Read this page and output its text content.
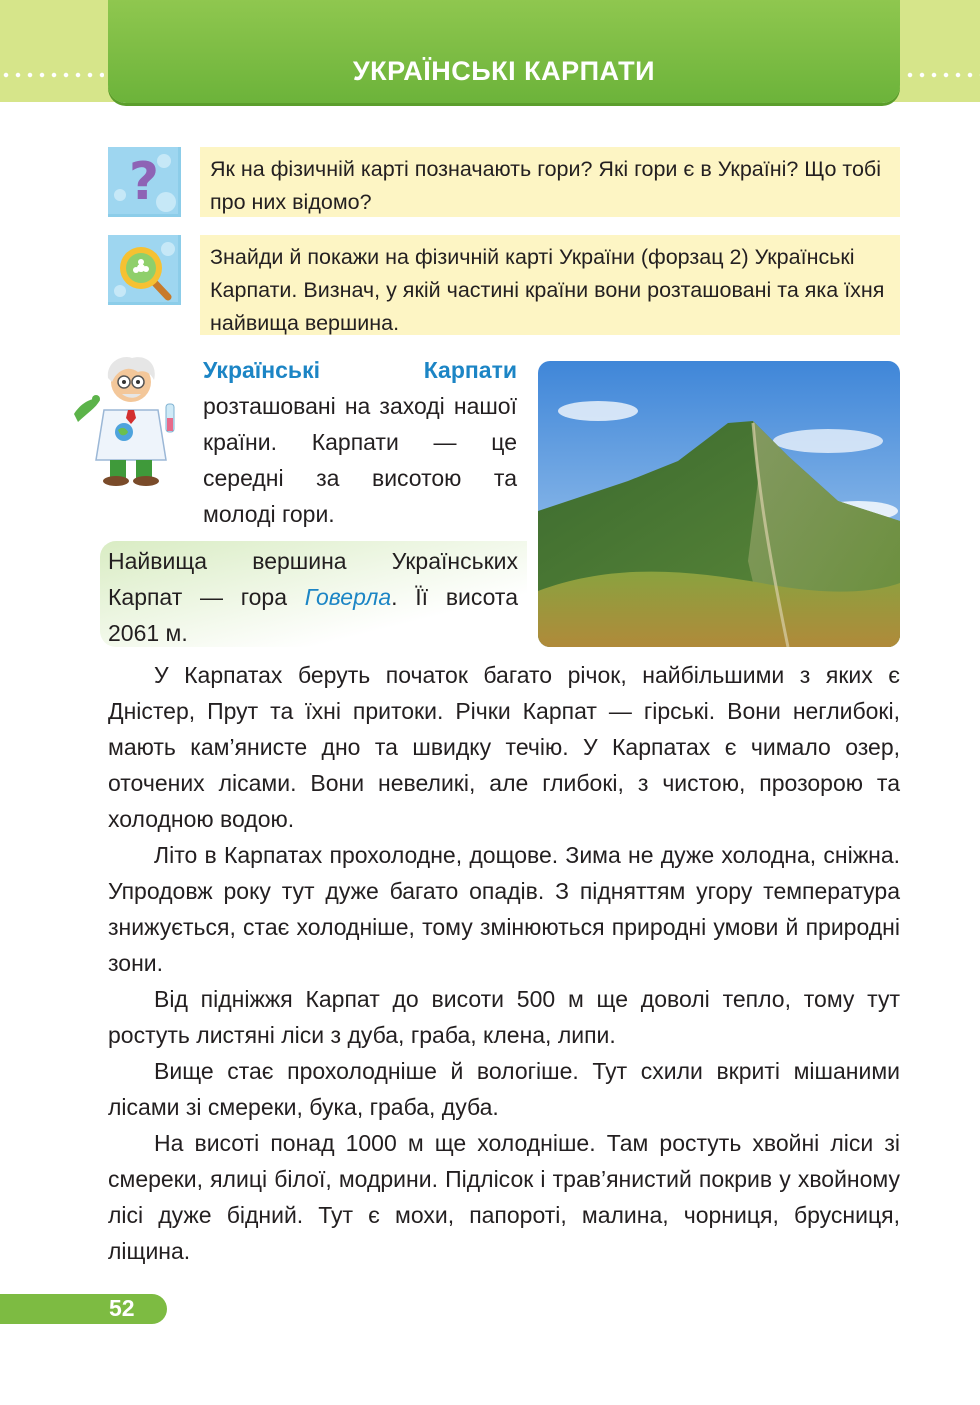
УКРАЇНСЬКІ КАРПАТИ
?	Як на фізичній карті позначають гори? Які гори є в Україні? Що тобі про них відомо?
Знайди й покажи на фізичній карті України (форзац 2) Українські Карпати. Визнач, у якій частині країни вони розташовані та яка їхня найвища вершина.
Українські Карпати розташовані на заході нашої країни. Карпати — це середні за висотою та молоді гори.
Найвища вершина Українських Карпат — гора Говерла. Її висота 2061 м.

У Карпатах беруть початок багато річок, найбільшими з яких є Дністер, Прут та їхні притоки. Річки Карпат — гірські. Вони неглибокі, мають кам’янисте дно та швидку течію. У Карпатах є чимало озер, оточених лісами. Вони невеликі, але глибокі, з чистою, прозорою та холодною водою.

Літо в Карпатах прохолодне, дощове. Зима не дуже холодна, сніжна. Упродовж року тут дуже багато опадів. З підняттям угору температура знижується, стає холодніше, тому змінюються природні умови й природні зони.

Від підніжжя Карпат до висоти 500 м ще доволі тепло, тому тут ростуть листяні ліси з дуба, граба, клена, липи.

Вище стає прохолодніше й вологіше. Тут схили вкриті мішаними лісами зі смереки, бука, граба, дуба.

На висоті понад 1000 м ще холодніше. Там ростуть хвойні ліси зі смереки, ялиці білої, модрини. Підлісок і трав’янистий покрив у хвойному лісі дуже бідний. Тут є мохи, папороті, малина, чорниця, брусниця, ліщина.

52
